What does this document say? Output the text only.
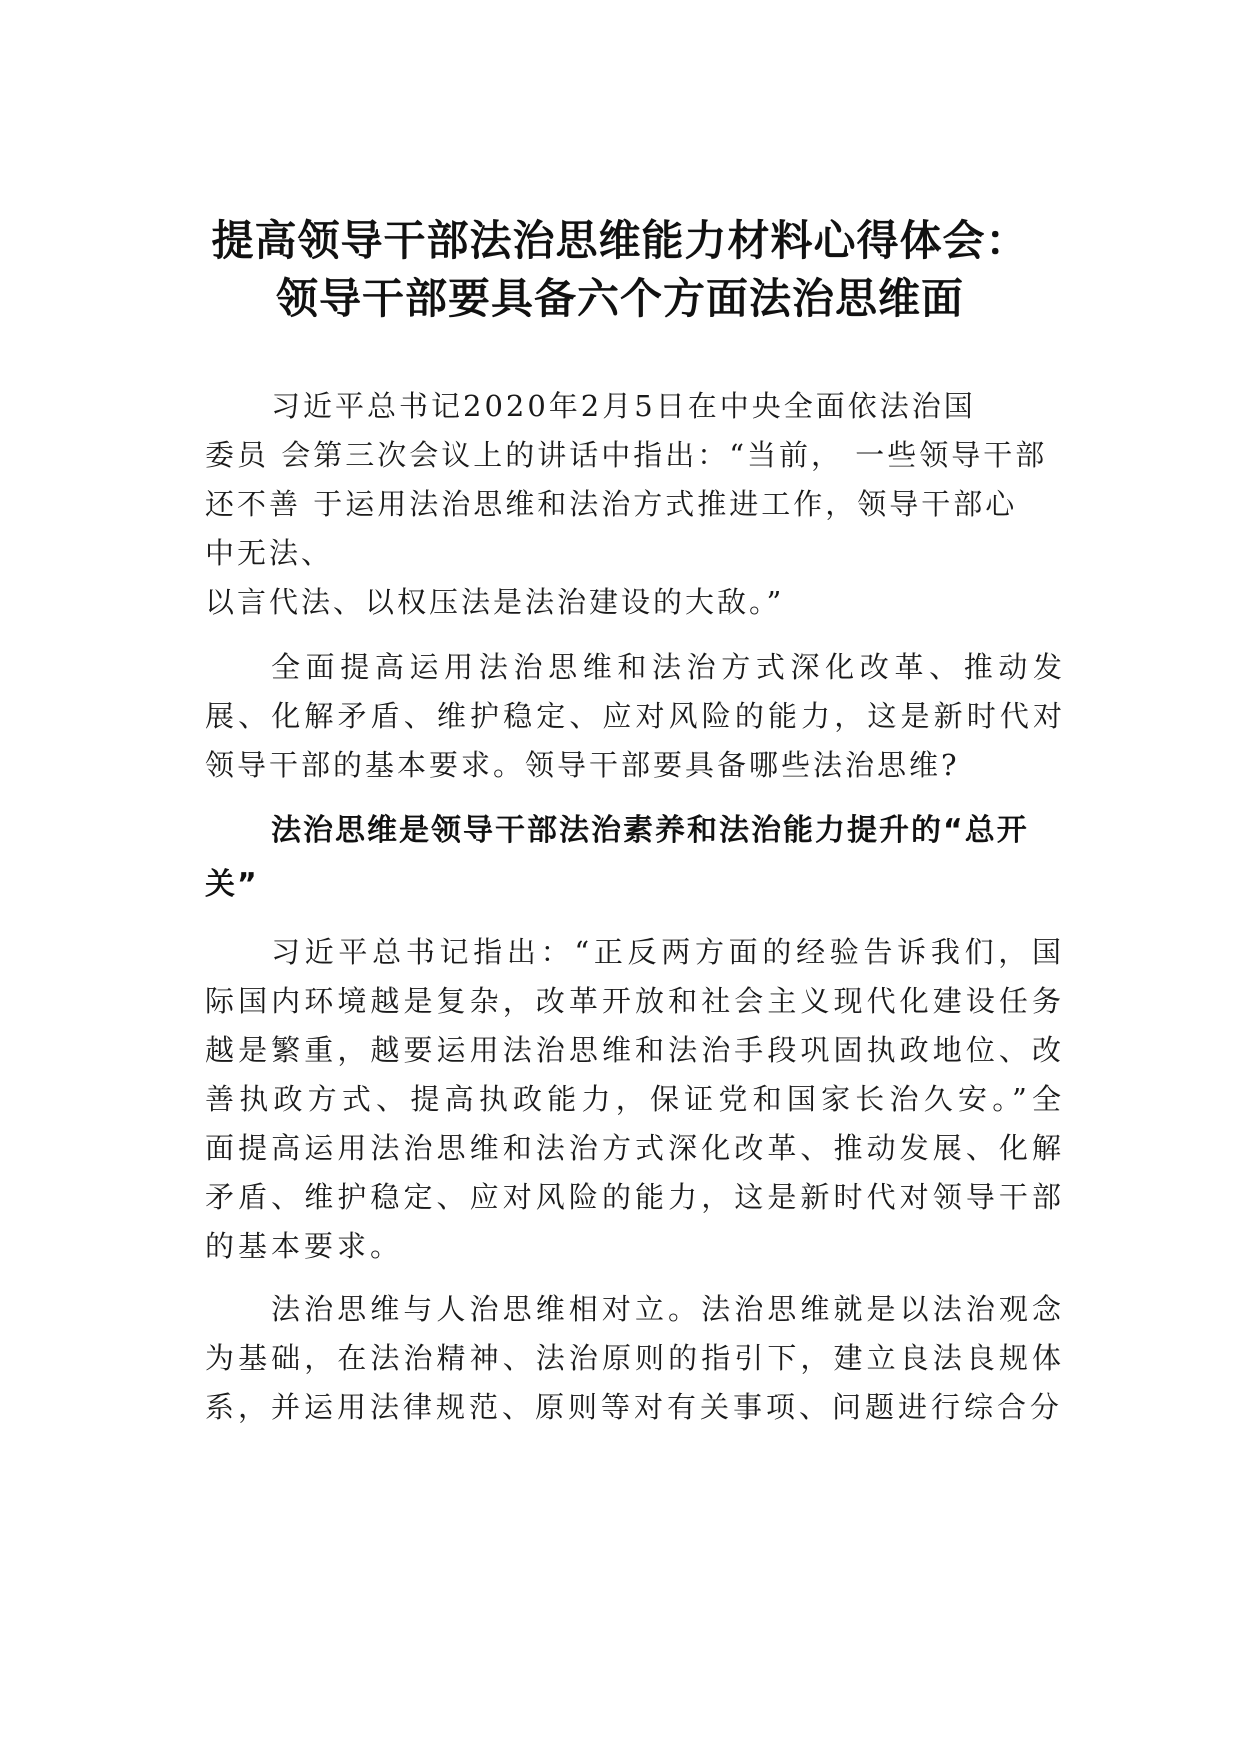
提高领导干部法治思维能力材料心得体会：
领导干部要具备六个方面法治思维面
习近平总书记2020年2月5日在中央全面依法治国
委员 会第三次会议上的讲话中指出：“当前， 一些领导干部
还不善 于运用法治思维和法治方式推进工作，领导干部心
中无法、
以言代法、以权压法是法治建设的大敌。”

全面提高运用法治思维和法治方式深化改革、推动发展、化解矛盾、维护稳定、应对风险的能力，这是新时代对领导干部的基本要求。领导干部要具备哪些法治思维?

法治思维是领导干部法治素养和法治能力提升的“总开关”

习近平总书记指出：“正反两方面的经验告诉我们，国际国内环境越是复杂，改革开放和社会主义现代化建设任务越是繁重，越要运用法治思维和法治手段巩固执政地位、改善执政方式、提高执政能力，保证党和国家长治久安。”全面提高运用法治思维和法治方式深化改革、推动发展、化解矛盾、维护稳定、应对风险的能力，这是新时代对领导干部的基本要求。

法治思维与人治思维相对立。法治思维就是以法治观念为基础，在法治精神、法治原则的指引下，建立良法良规体系，并运用法律规范、原则等对有关事项、问题进行综合分
